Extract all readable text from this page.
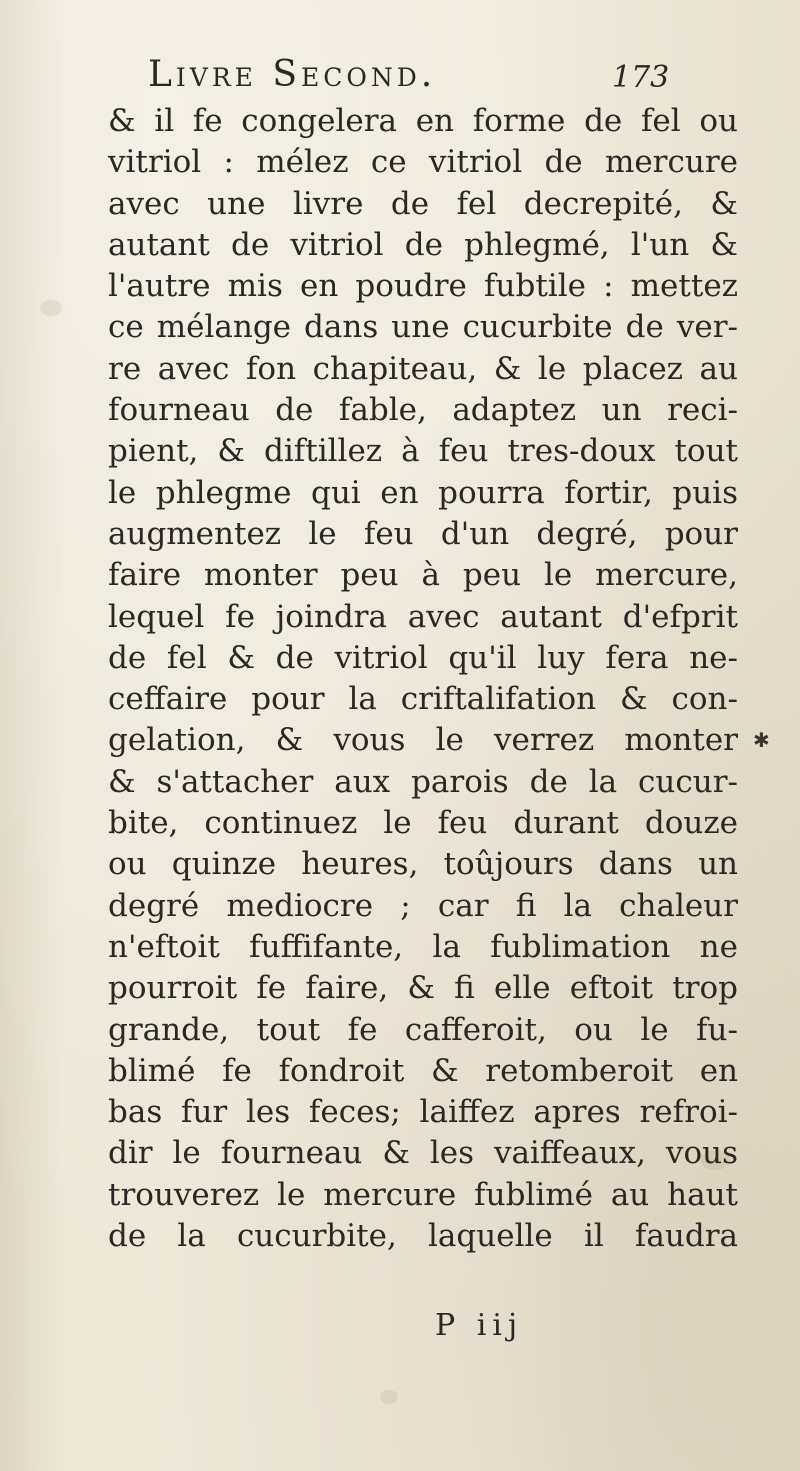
Livre Second.	173
& il fe congelera en forme de fel ou
vitriol : mélez ce vitriol de mercure
avec une livre de fel decrepité, &
autant de vitriol de phlegmé, l'un &
l'autre mis en poudre fubtile : mettez
ce mélange dans une cucurbite de ver-
re avec fon chapiteau, & le placez au
fourneau de fable, adaptez un reci-
pient, & diftillez à feu tres-doux tout
le phlegme qui en pourra fortir, puis
augmentez le feu d'un degré, pour
faire monter peu à peu le mercure,
lequel fe joindra avec autant d'efprit
de fel & de vitriol qu'il luy fera ne-
ceffaire pour la criftalifation & con-
gelation, & vous le verrez monter
& s'attacher aux parois de la cucur-
bite, continuez le feu durant douze
ou quinze heures, toûjours dans un
degré mediocre ; car fi la chaleur
n'eftoit fuffifante, la fublimation ne
pourroit fe faire, & fi elle eftoit trop
grande, tout fe cafferoit, ou le fu-
blimé fe fondroit & retomberoit en
bas fur les feces; laiffez apres refroi-
dir le fourneau & les vaiffeaux, vous
trouverez le mercure fublimé au haut
de la cucurbite, laquelle il faudra
P iij
✱
